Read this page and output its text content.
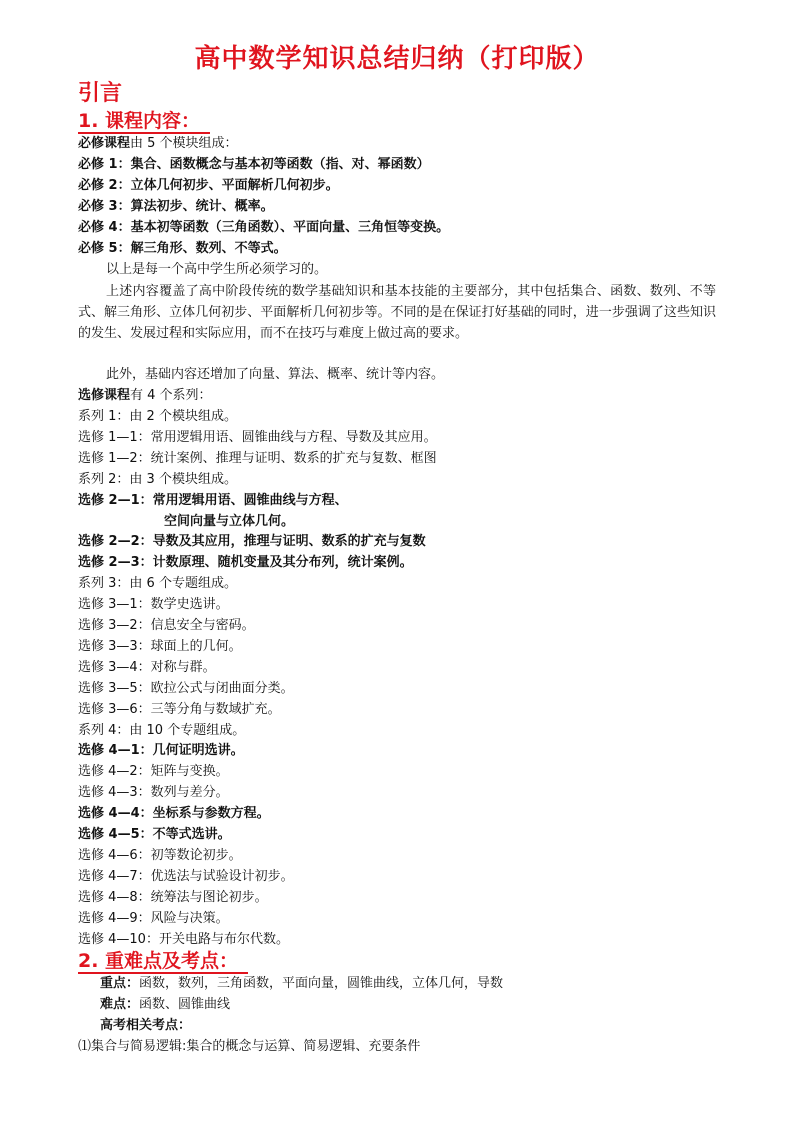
高中数学知识总结归纳（打印版）
引言
1. 课程内容：
必修课程由 5 个模块组成：
必修 1：集合、函数概念与基本初等函数（指、对、幂函数）
必修 2：立体几何初步、平面解析几何初步。
必修 3：算法初步、统计、概率。
必修 4：基本初等函数（三角函数）、平面向量、三角恒等变换。
必修 5：解三角形、数列、不等式。
以上是每一个高中学生所必须学习的。
上述内容覆盖了高中阶段传统的数学基础知识和基本技能的主要部分，其中包括集合、函数、数列、不等式、解三角形、立体几何初步、平面解析几何初步等。不同的是在保证打好基础的同时，进一步强调了这些知识的发生、发展过程和实际应用，而不在技巧与难度上做过高的要求。
此外，基础内容还增加了向量、算法、概率、统计等内容。
选修课程有 4 个系列：
系列 1：由 2 个模块组成。
选修 1—1：常用逻辑用语、圆锥曲线与方程、导数及其应用。
选修 1—2：统计案例、推理与证明、数系的扩充与复数、框图
系列 2：由 3 个模块组成。
选修 2—1：常用逻辑用语、圆锥曲线与方程、
空间向量与立体几何。
选修 2—2：导数及其应用，推理与证明、数系的扩充与复数
选修 2—3：计数原理、随机变量及其分布列，统计案例。
系列 3：由 6 个专题组成。
选修 3—1：数学史选讲。
选修 3—2：信息安全与密码。
选修 3—3：球面上的几何。
选修 3—4：对称与群。
选修 3—5：欧拉公式与闭曲面分类。
选修 3—6：三等分角与数域扩充。
系列 4：由 10 个专题组成。
选修 4—1：几何证明选讲。
选修 4—2：矩阵与变换。
选修 4—3：数列与差分。
选修 4—4：坐标系与参数方程。
选修 4—5：不等式选讲。
选修 4—6：初等数论初步。
选修 4—7：优选法与试验设计初步。
选修 4—8：统筹法与图论初步。
选修 4—9：风险与决策。
选修 4—10：开关电路与布尔代数。
2. 重难点及考点：
重点：函数，数列，三角函数，平面向量，圆锥曲线，立体几何，导数
难点：函数、圆锥曲线
高考相关考点：
⑴集合与简易逻辑:集合的概念与运算、简易逻辑、充要条件
